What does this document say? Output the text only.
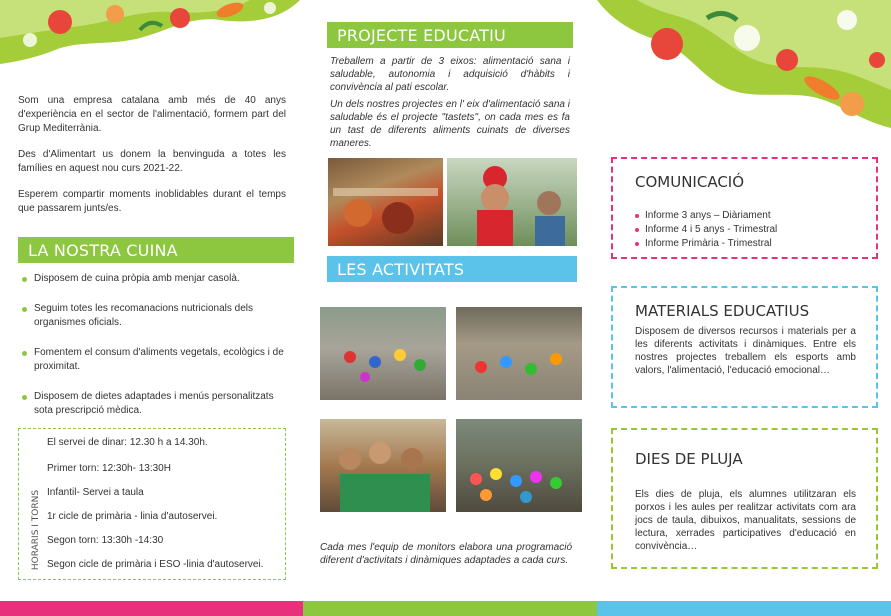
Som una empresa catalana amb més de 40 anys d'experiència en el sector de l'alimentació, formem part del Grup Mediterrània.

Des d'Alimentart us donem la benvinguda a totes les famílies en aquest nou curs 2021-22.

Esperem compartir moments inoblidables durant el temps que passarem junts/es.

LA NOSTRA CUINA
Disposem de cuina pròpia amb menjar casolà.
Seguim totes les recomanacions nutricionals dels organismes oficials.
Fomentem el consum d'aliments vegetals, ecològics i de proximitat.
Disposem de dietes adaptades i menús personalitzats sota prescripció mèdica.
HORARIS I TORNS
El servei de dinar: 12.30 h a 14.30h.
Primer torn: 12:30h- 13:30H
Infantil- Servei a taula
1r cicle de primària - linia d'autoservei.
Segon torn: 13:30h -14:30
Segon cicle de primària i ESO -linia d'autoservei.
PROJECTE EDUCATIU

Treballem a partir de 3 eixos: alimentació sana i saludable, autonomia i adquisició d'hàbits i convivència al pati escolar.

Un dels nostres projectes en l' eix d'alimentació sana i saludable és el projecte "tastets", on cada mes es fa un tast de diferents aliments cuinats de diverses maneres.

LES ACTIVITATS

Cada mes l'equip de monitors elabora una programació diferent d'activitats i dinàmiques adaptades a cada curs.

COMUNICACIÓ
Informe 3 anys – Diàriament
Informe 4 i 5 anys - Trimestral
Informe Primària - Trimestral
MATERIALS EDUCATIUS
Disposem de diversos recursos i materials per a les diferents activitats i dinàmiques. Entre els nostres projectes treballem els esports amb valors, l'alimentació, l'educació emocional…
DIES DE PLUJA
Els dies de pluja, els alumnes utilitzaran els porxos i les aules per realitzar activitats com ara jocs de taula, dibuixos, manualitats, sessions de lectura, xerrades participatives d'educació en convivència…
